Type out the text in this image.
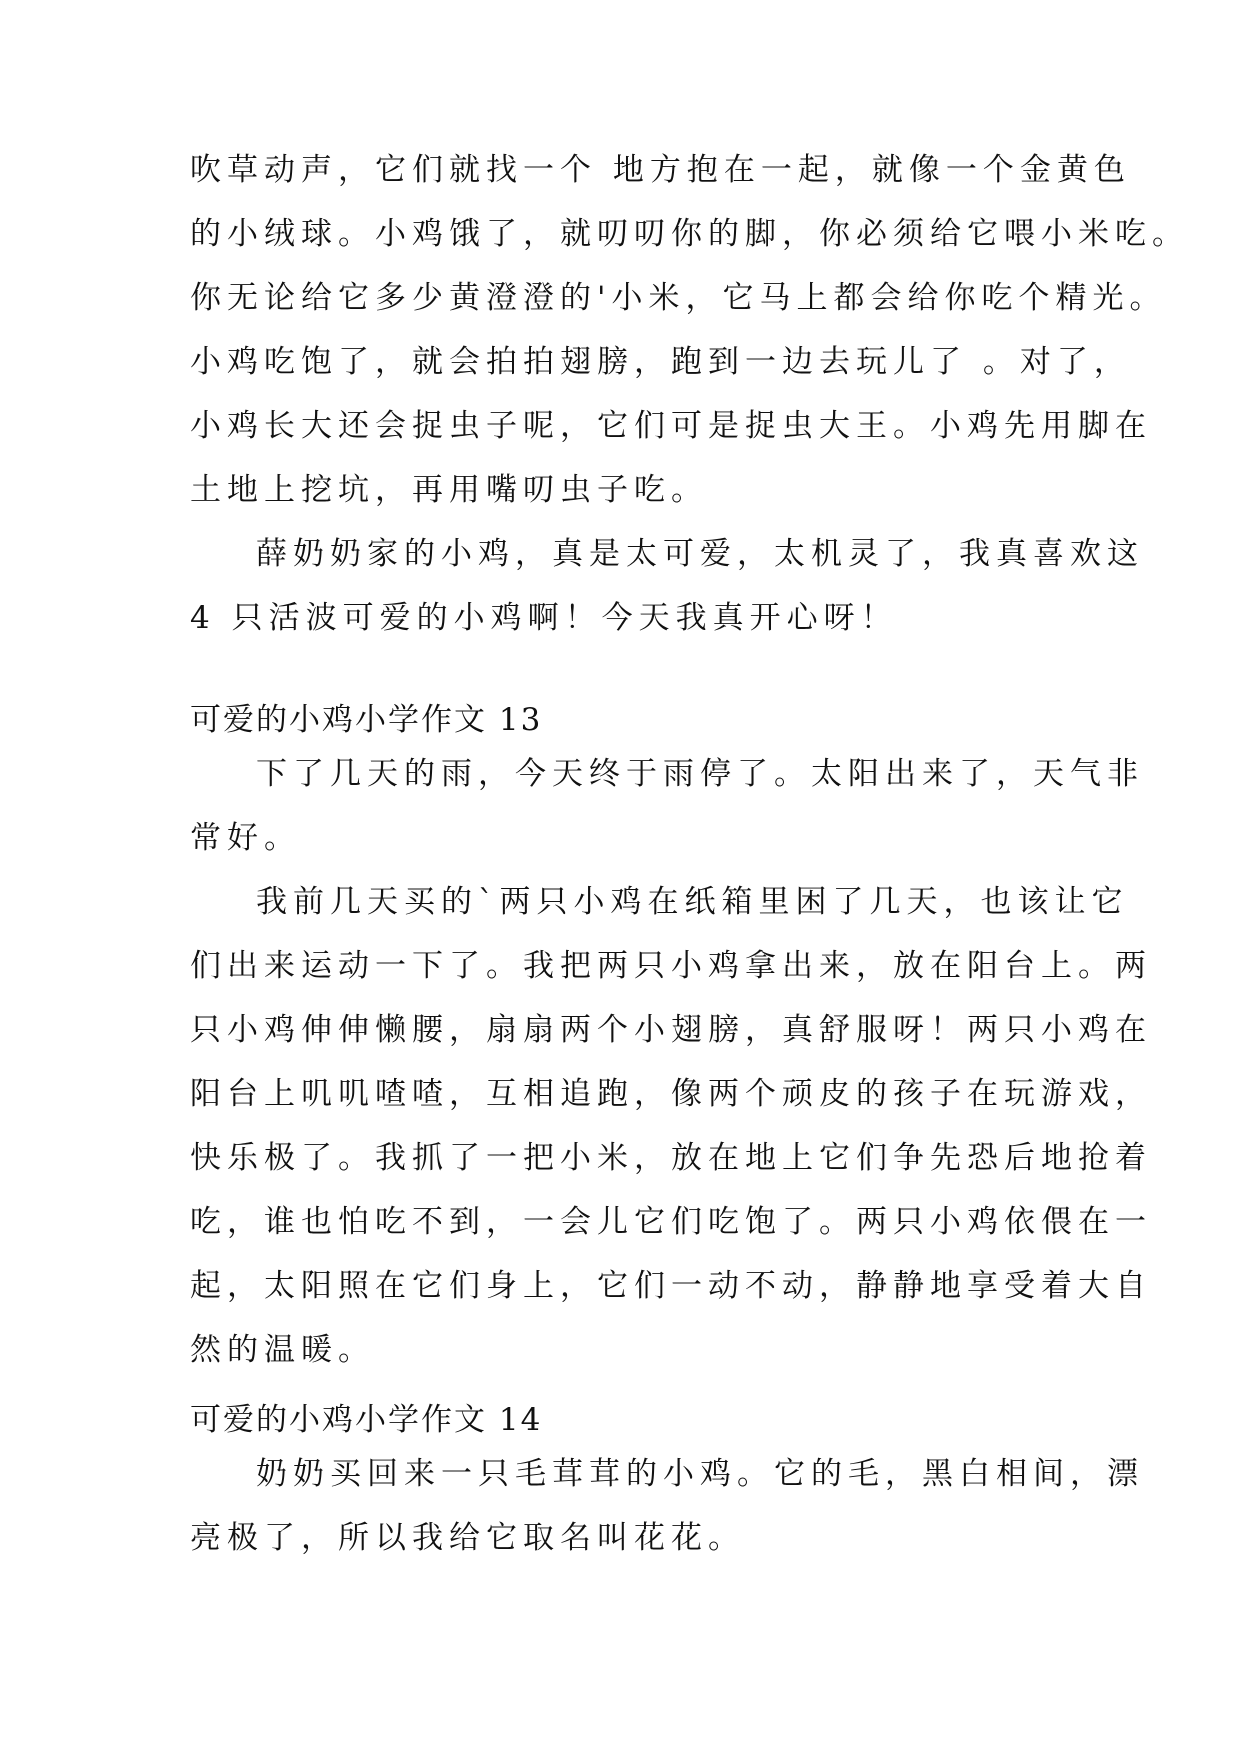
吹草动声，它们就找一个 地方抱在一起，就像一个金黄色
的小绒球。小鸡饿了，就叨叨你的脚，你必须给它喂小米吃。
你无论给它多少黄澄澄的'小米，它马上都会给你吃个精光。
小鸡吃饱了，就会拍拍翅膀，跑到一边去玩儿了 。对了，
小鸡长大还会捉虫子呢，它们可是捉虫大王。小鸡先用脚在
土地上挖坑，再用嘴叨虫子吃。
薛奶奶家的小鸡，真是太可爱，太机灵了，我真喜欢这
4 只活波可爱的小鸡啊！今天我真开心呀！
可爱的小鸡小学作文 13
下了几天的雨，今天终于雨停了。太阳出来了，天气非
常好。
我前几天买的`两只小鸡在纸箱里困了几天，也该让它
们出来运动一下了。我把两只小鸡拿出来，放在阳台上。两
只小鸡伸伸懒腰，扇扇两个小翅膀，真舒服呀！两只小鸡在
阳台上叽叽喳喳，互相追跑，像两个顽皮的孩子在玩游戏，
快乐极了。我抓了一把小米，放在地上它们争先恐后地抢着
吃，谁也怕吃不到，一会儿它们吃饱了。两只小鸡依偎在一
起，太阳照在它们身上，它们一动不动，静静地享受着大自
然的温暖。
可爱的小鸡小学作文 14
奶奶买回来一只毛茸茸的小鸡。它的毛，黑白相间，漂
亮极了，所以我给它取名叫花花。
